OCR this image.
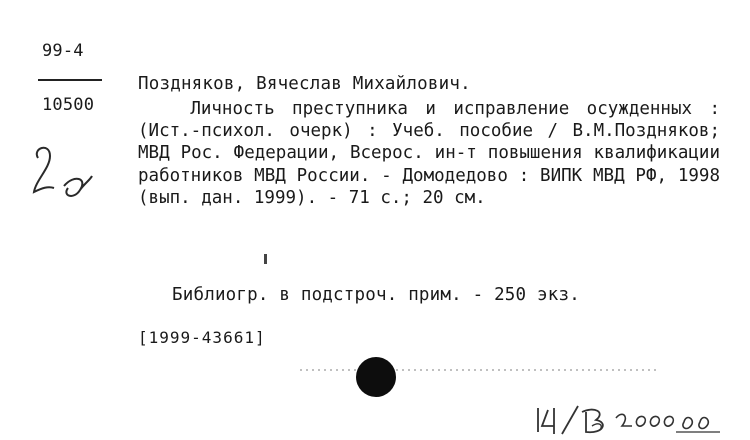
99-4
10500
Поздняков, Вячеслав Михайлович.
Личность преступника и исправление осужденных : (Ист.-психол. очерк) : Учеб. пособие / В.М.Поздняков; МВД Рос. Федерации, Всерос. ин-т повышения квалификации работников МВД России. - Домодедово : ВИПК МВД РФ, 1998 (вып. дан. 1999). - 71 с.; 20 см.
Библиогр. в подстроч. прим. - 250 экз.
[1999-43661]
